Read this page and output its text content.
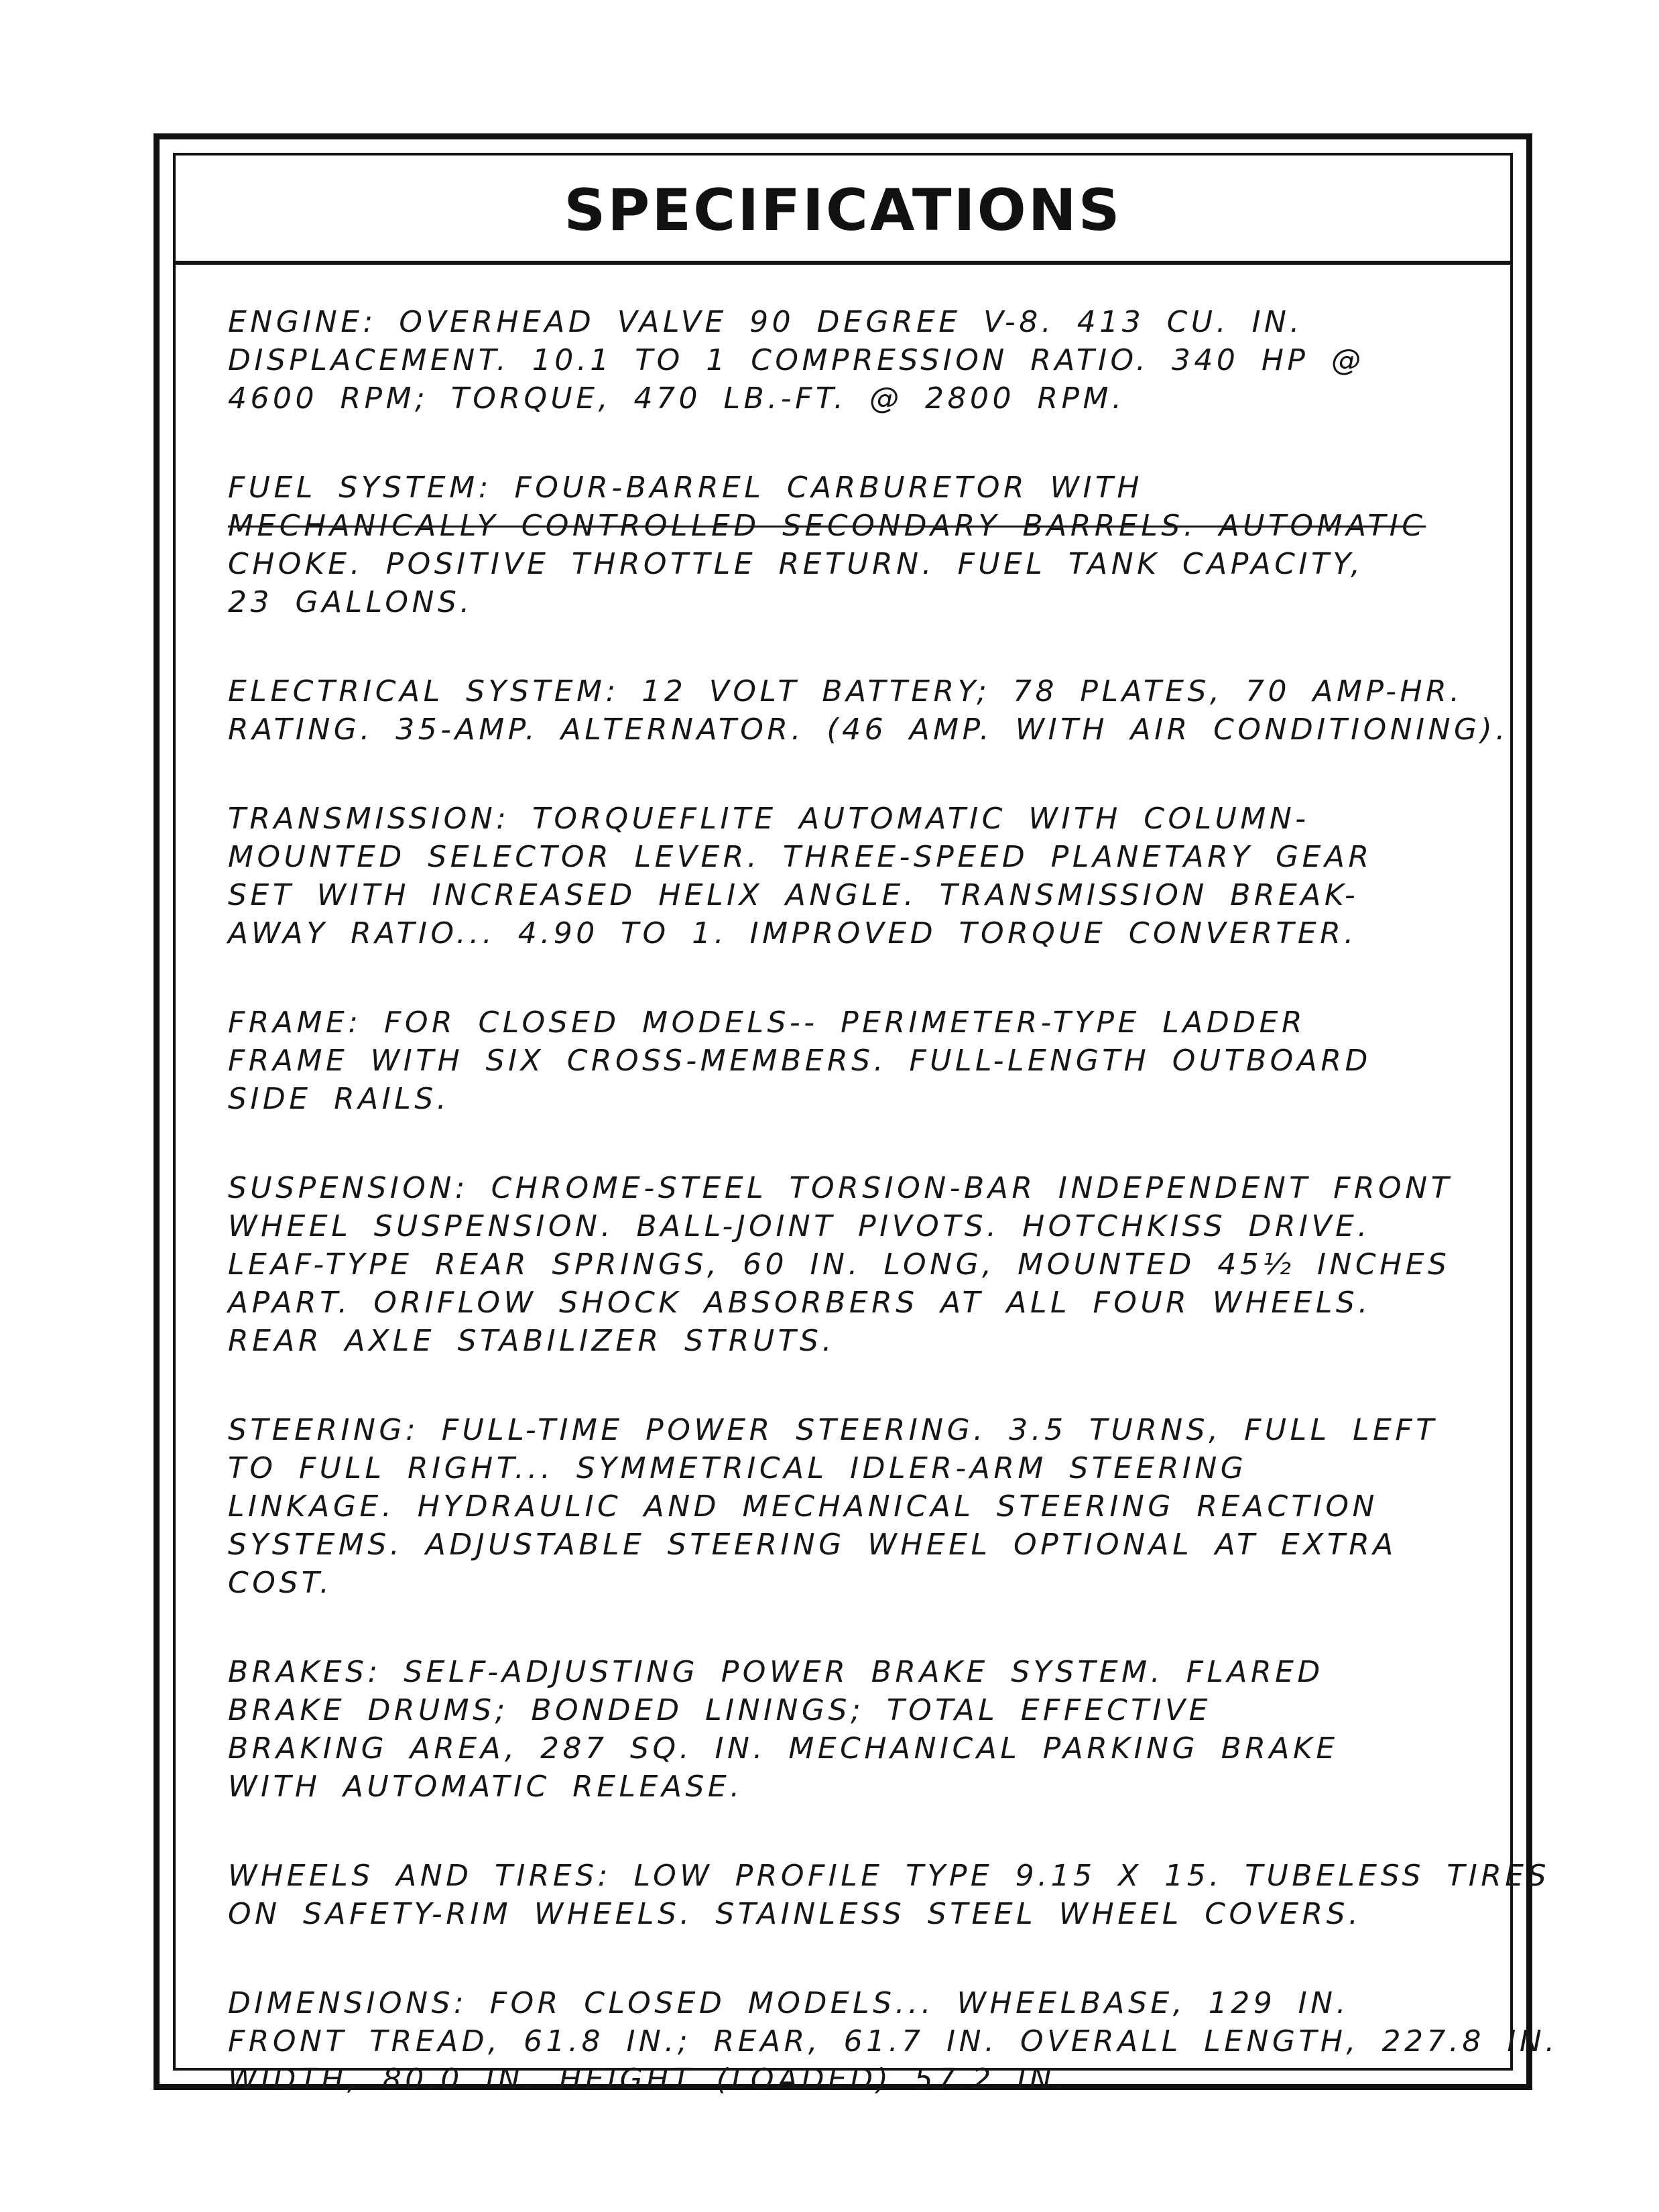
SPECIFICATIONS

ENGINE: OVERHEAD VALVE 90 DEGREE V-8. 413 CU. IN.
DISPLACEMENT. 10.1 TO 1 COMPRESSION RATIO. 340 HP @
4600 RPM; TORQUE, 470 LB.-FT. @ 2800 RPM.

FUEL SYSTEM: FOUR-BARREL CARBURETOR WITH
MECHANICALLY CONTROLLED SECONDARY BARRELS. AUTOMATIC
CHOKE. POSITIVE THROTTLE RETURN. FUEL TANK CAPACITY,
23 GALLONS.

ELECTRICAL SYSTEM: 12 VOLT BATTERY; 78 PLATES, 70 AMP-HR.
RATING. 35-AMP. ALTERNATOR. (46 AMP. WITH AIR CONDITIONING).

TRANSMISSION: TORQUEFLITE AUTOMATIC WITH COLUMN-
MOUNTED SELECTOR LEVER. THREE-SPEED PLANETARY GEAR
SET WITH INCREASED HELIX ANGLE. TRANSMISSION BREAK-
AWAY RATIO... 4.90 TO 1. IMPROVED TORQUE CONVERTER.

FRAME: FOR CLOSED MODELS-- PERIMETER-TYPE LADDER
FRAME WITH SIX CROSS-MEMBERS. FULL-LENGTH OUTBOARD
SIDE RAILS.

SUSPENSION: CHROME-STEEL TORSION-BAR INDEPENDENT FRONT
WHEEL SUSPENSION. BALL-JOINT PIVOTS. HOTCHKISS DRIVE.
LEAF-TYPE REAR SPRINGS, 60 IN. LONG, MOUNTED 45½ INCHES
APART. ORIFLOW SHOCK ABSORBERS AT ALL FOUR WHEELS.
REAR AXLE STABILIZER STRUTS.

STEERING: FULL-TIME POWER STEERING. 3.5 TURNS, FULL LEFT
TO FULL RIGHT... SYMMETRICAL IDLER-ARM STEERING
LINKAGE. HYDRAULIC AND MECHANICAL STEERING REACTION
SYSTEMS. ADJUSTABLE STEERING WHEEL OPTIONAL AT EXTRA
COST.

BRAKES: SELF-ADJUSTING POWER BRAKE SYSTEM. FLARED
BRAKE DRUMS; BONDED LININGS; TOTAL EFFECTIVE
BRAKING AREA, 287 SQ. IN. MECHANICAL PARKING BRAKE
WITH AUTOMATIC RELEASE.

WHEELS AND TIRES: LOW PROFILE TYPE 9.15 X 15. TUBELESS TIRES
ON SAFETY-RIM WHEELS. STAINLESS STEEL WHEEL COVERS.

DIMENSIONS: FOR CLOSED MODELS... WHEELBASE, 129 IN.
FRONT TREAD, 61.8 IN.; REAR, 61.7 IN. OVERALL LENGTH, 227.8 IN.
WIDTH, 80.0 IN. HEIGHT (LOADED) 57.2 IN.
